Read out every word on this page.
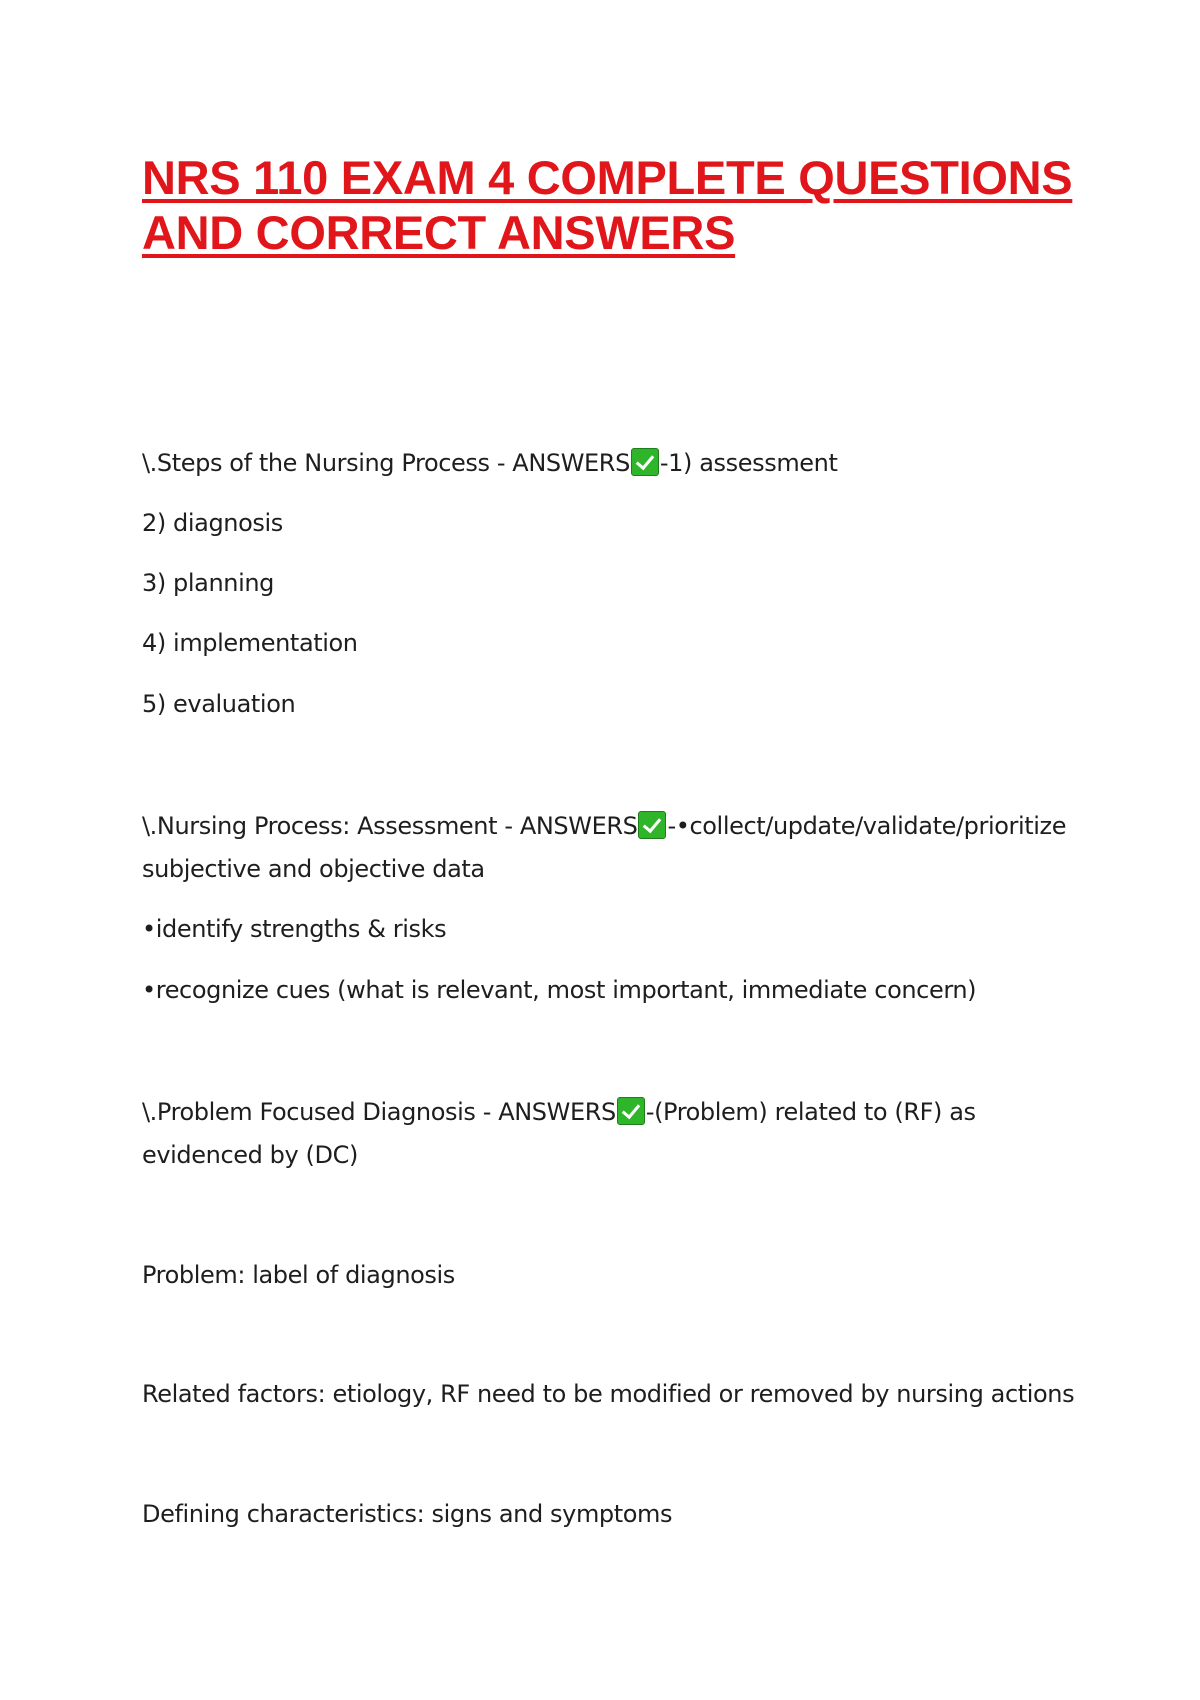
NRS 110 EXAM 4 COMPLETE QUESTIONS AND CORRECT ANSWERS

\.Steps of the Nursing Process - ANSWERS -1) assessment

2) diagnosis

3) planning

4) implementation

5) evaluation

\.Nursing Process: Assessment - ANSWERS -•collect/update/validate/prioritize

subjective and objective data

•identify strengths & risks

•recognize cues (what is relevant, most important, immediate concern)

\.Problem Focused Diagnosis - ANSWERS -(Problem) related to (RF) as

evidenced by (DC)

Problem: label of diagnosis

Related factors: etiology, RF need to be modified or removed by nursing actions

Defining characteristics: signs and symptoms
